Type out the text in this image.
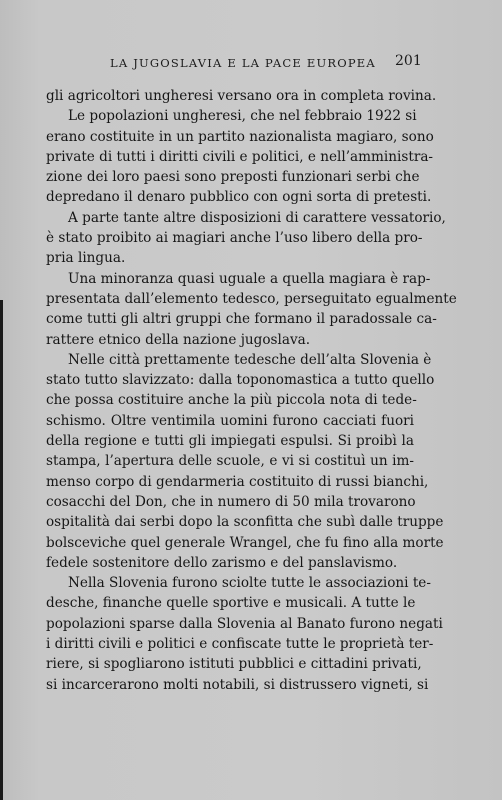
LA JUGOSLAVIA E LA PACE EUROPEA	201
gli agricoltori ungheresi versano ora in completa rovina.
Le popolazioni ungheresi, che nel febbraio 1922 si
erano costituite in un partito nazionalista magiaro, sono
private di tutti i diritti civili e politici, e nell’amministra-
zione dei loro paesi sono preposti funzionari serbi che
depredano il denaro pubblico con ogni sorta di pretesti.
A parte tante altre disposizioni di carattere vessatorio,
è stato proibito ai magiari anche l’uso libero della pro-
pria lingua.
Una minoranza quasi uguale a quella magiara è rap-
presentata dall’elemento tedesco, perseguitato egualmente
come tutti gli altri gruppi che formano il paradossale ca-
rattere etnico della nazione jugoslava.
Nelle città prettamente tedesche dell’alta Slovenia è
stato tutto slavizzato: dalla toponomastica a tutto quello
che possa costituire anche la più piccola nota di tede-
schismo. Oltre ventimila uomini furono cacciati fuori
della regione e tutti gli impiegati espulsi. Si proibì la
stampa, l’apertura delle scuole, e vi si costituì un im-
menso corpo di gendarmeria costituito di russi bianchi,
cosacchi del Don, che in numero di 50 mila trovarono
ospitalità dai serbi dopo la sconfitta che subì dalle truppe
bolsceviche quel generale Wrangel, che fu fino alla morte
fedele sostenitore dello zarismo e del panslavismo.
Nella Slovenia furono sciolte tutte le associazioni te-
desche, finanche quelle sportive e musicali. A tutte le
popolazioni sparse dalla Slovenia al Banato furono negati
i diritti civili e politici e confiscate tutte le proprietà ter-
riere, si spogliarono istituti pubblici e cittadini privati,
si incarcerarono molti notabili, si distrussero vigneti, si
